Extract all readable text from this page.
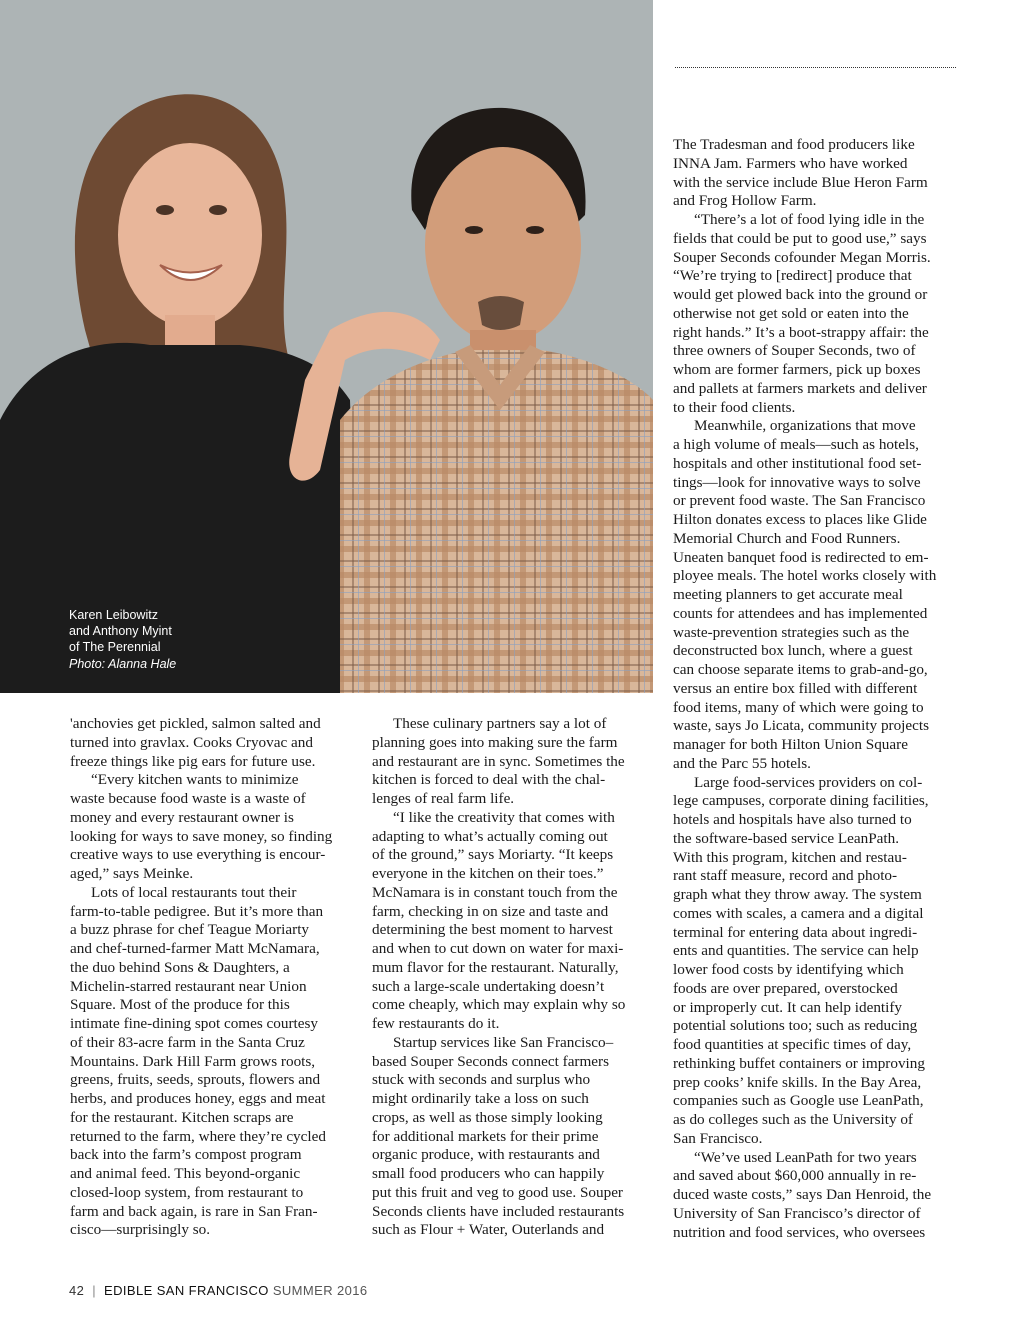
Karen Leibowitz
and Anthony Myint
of The Perennial
Photo: Alanna Hale

'anchovies get pickled, salmon salted and
turned into gravlax. Cooks Cryovac and
freeze things like pig ears for future use.

“Every kitchen wants to minimize
waste because food waste is a waste of
money and every restaurant owner is
looking for ways to save money, so finding
creative ways to use everything is encour-
aged,” says Meinke.

Lots of local restaurants tout their
farm-to-table pedigree. But it’s more than
a buzz phrase for chef Teague Moriarty
and chef-turned-farmer Matt McNamara,
the duo behind Sons & Daughters, a
Michelin-starred restaurant near Union
Square. Most of the produce for this
intimate fine-dining spot comes courtesy
of their 83-acre farm in the Santa Cruz
Mountains. Dark Hill Farm grows roots,
greens, fruits, seeds, sprouts, flowers and
herbs, and produces honey, eggs and meat
for the restaurant. Kitchen scraps are
returned to the farm, where they’re cycled
back into the farm’s compost program
and animal feed. This beyond-organic
closed-loop system, from restaurant to
farm and back again, is rare in San Fran-
cisco—surprisingly so.

These culinary partners say a lot of
planning goes into making sure the farm
and restaurant are in sync. Sometimes the
kitchen is forced to deal with the chal-
lenges of real farm life.

“I like the creativity that comes with
adapting to what’s actually coming out
of the ground,” says Moriarty. “It keeps
everyone in the kitchen on their toes.”
McNamara is in constant touch from the
farm, checking in on size and taste and
determining the best moment to harvest
and when to cut down on water for maxi-
mum flavor for the restaurant. Naturally,
such a large-scale undertaking doesn’t
come cheaply, which may explain why so
few restaurants do it.

Startup services like San Francisco–
based Souper Seconds connect farmers
stuck with seconds and surplus who
might ordinarily take a loss on such
crops, as well as those simply looking
for additional markets for their prime
organic produce, with restaurants and
small food producers who can happily
put this fruit and veg to good use. Souper
Seconds clients have included restaurants
such as Flour + Water, Outerlands and

The Tradesman and food producers like
INNA Jam. Farmers who have worked
with the service include Blue Heron Farm
and Frog Hollow Farm.

“There’s a lot of food lying idle in the
fields that could be put to good use,” says
Souper Seconds cofounder Megan Morris.
“We’re trying to [redirect] produce that
would get plowed back into the ground or
otherwise not get sold or eaten into the
right hands.” It’s a boot-strappy affair: the
three owners of Souper Seconds, two of
whom are former farmers, pick up boxes
and pallets at farmers markets and deliver
to their food clients.

Meanwhile, organizations that move
a high volume of meals—such as hotels,
hospitals and other institutional food set-
tings—look for innovative ways to solve
or prevent food waste. The San Francisco
Hilton donates excess to places like Glide
Memorial Church and Food Runners.
Uneaten banquet food is redirected to em-
ployee meals. The hotel works closely with
meeting planners to get accurate meal
counts for attendees and has implemented
waste-prevention strategies such as the
deconstructed box lunch, where a guest
can choose separate items to grab-and-go,
versus an entire box filled with different
food items, many of which were going to
waste, says Jo Licata, community projects
manager for both Hilton Union Square
and the Parc 55 hotels.

Large food-services providers on col-
lege campuses, corporate dining facilities,
hotels and hospitals have also turned to
the software-based service LeanPath.
With this program, kitchen and restau-
rant staff measure, record and photo-
graph what they throw away. The system
comes with scales, a camera and a digital
terminal for entering data about ingredi-
ents and quantities. The service can help
lower food costs by identifying which
foods are over prepared, overstocked
or improperly cut. It can help identify
potential solutions too; such as reducing
food quantities at specific times of day,
rethinking buffet containers or improving
prep cooks’ knife skills. In the Bay Area,
companies such as Google use LeanPath,
as do colleges such as the University of
San Francisco.

“We’ve used LeanPath for two years
and saved about $60,000 annually in re-
duced waste costs,” says Dan Henroid, the
University of San Francisco’s director of
nutrition and food services, who oversees

42 | EDIBLE SAN FRANCISCO SUMMER 2016
